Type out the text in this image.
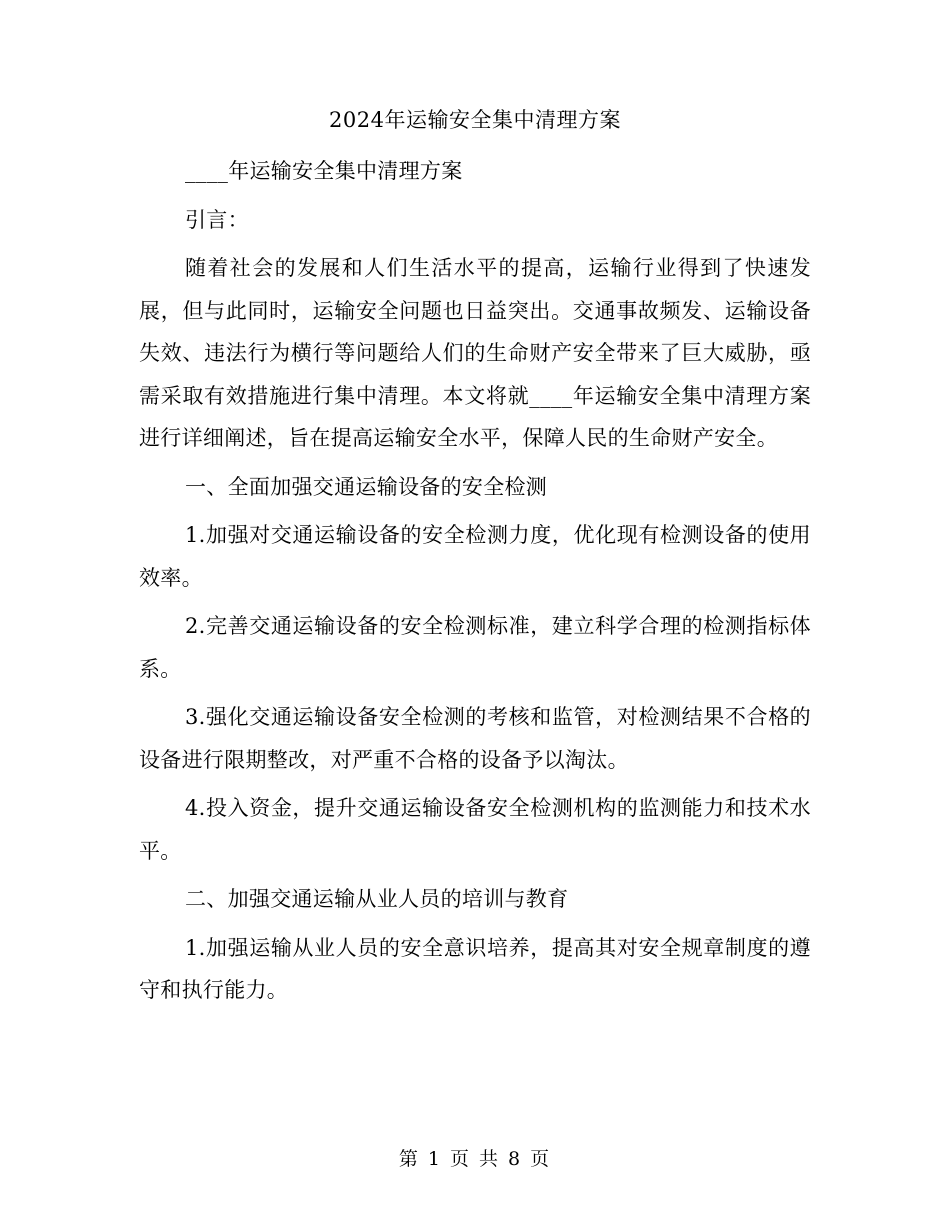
2024年运输安全集中清理方案

____年运输安全集中清理方案

引言：

随着社会的发展和人们生活水平的提高，运输行业得到了快速发展，但与此同时，运输安全问题也日益突出。交通事故频发、运输设备失效、违法行为横行等问题给人们的生命财产安全带来了巨大威胁，亟需采取有效措施进行集中清理。本文将就____年运输安全集中清理方案进行详细阐述，旨在提高运输安全水平，保障人民的生命财产安全。

一、全面加强交通运输设备的安全检测

1.加强对交通运输设备的安全检测力度，优化现有检测设备的使用效率。

2.完善交通运输设备的安全检测标准，建立科学合理的检测指标体系。

3.强化交通运输设备安全检测的考核和监管，对检测结果不合格的设备进行限期整改，对严重不合格的设备予以淘汰。

4.投入资金，提升交通运输设备安全检测机构的监测能力和技术水平。

二、加强交通运输从业人员的培训与教育

1.加强运输从业人员的安全意识培养，提高其对安全规章制度的遵守和执行能力。

第 1 页 共 8 页
